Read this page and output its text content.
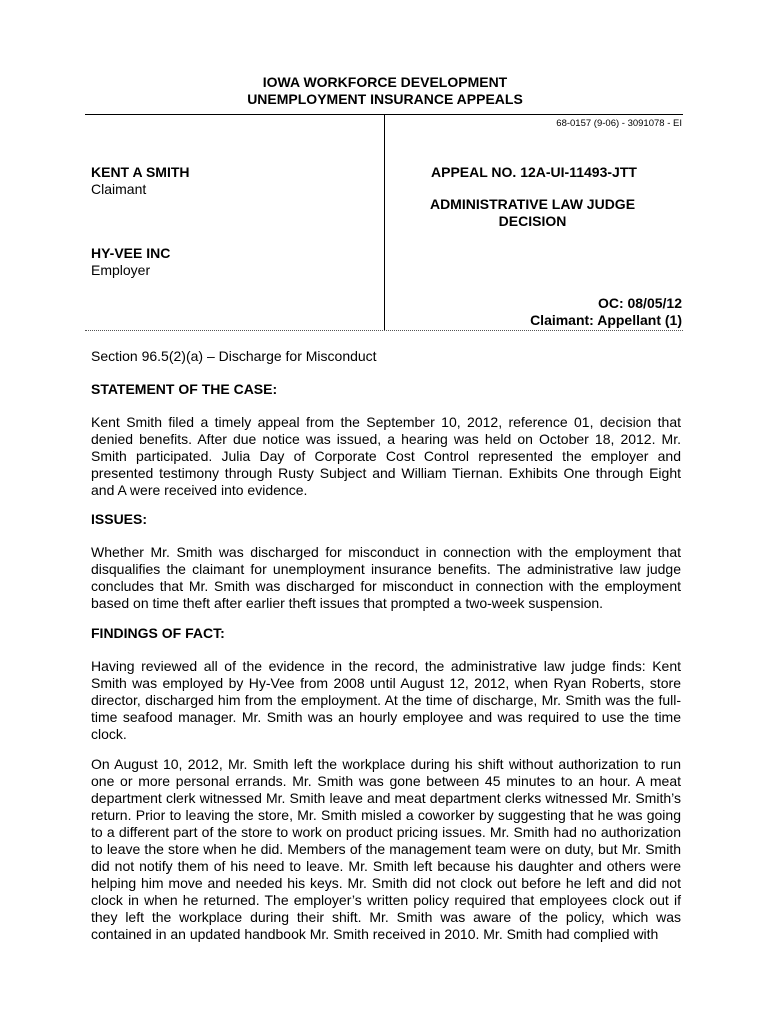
IOWA WORKFORCE DEVELOPMENT
UNEMPLOYMENT INSURANCE APPEALS
68-0157 (9-06) - 3091078 - EI
KENT A SMITH
Claimant
HY-VEE INC
Employer
APPEAL NO. 12A-UI-11493-JTT
ADMINISTRATIVE LAW JUDGE
DECISION
OC: 08/05/12
Claimant: Appellant (1)
Section 96.5(2)(a) – Discharge for Misconduct
STATEMENT OF THE CASE:
Kent Smith filed a timely appeal from the September 10, 2012, reference 01, decision that denied benefits. After due notice was issued, a hearing was held on October 18, 2012. Mr. Smith participated. Julia Day of Corporate Cost Control represented the employer and presented testimony through Rusty Subject and William Tiernan. Exhibits One through Eight and A were received into evidence.
ISSUES:
Whether Mr. Smith was discharged for misconduct in connection with the employment that disqualifies the claimant for unemployment insurance benefits. The administrative law judge concludes that Mr. Smith was discharged for misconduct in connection with the employment based on time theft after earlier theft issues that prompted a two-week suspension.
FINDINGS OF FACT:
Having reviewed all of the evidence in the record, the administrative law judge finds: Kent Smith was employed by Hy-Vee from 2008 until August 12, 2012, when Ryan Roberts, store director, discharged him from the employment. At the time of discharge, Mr. Smith was the full-time seafood manager. Mr. Smith was an hourly employee and was required to use the time clock.
On August 10, 2012, Mr. Smith left the workplace during his shift without authorization to run one or more personal errands. Mr. Smith was gone between 45 minutes to an hour. A meat department clerk witnessed Mr. Smith leave and meat department clerks witnessed Mr. Smith’s return. Prior to leaving the store, Mr. Smith misled a coworker by suggesting that he was going to a different part of the store to work on product pricing issues. Mr. Smith had no authorization to leave the store when he did. Members of the management team were on duty, but Mr. Smith did not notify them of his need to leave. Mr. Smith left because his daughter and others were helping him move and needed his keys. Mr. Smith did not clock out before he left and did not clock in when he returned. The employer’s written policy required that employees clock out if they left the workplace during their shift. Mr. Smith was aware of the policy, which was contained in an updated handbook Mr. Smith received in 2010. Mr. Smith had complied with
